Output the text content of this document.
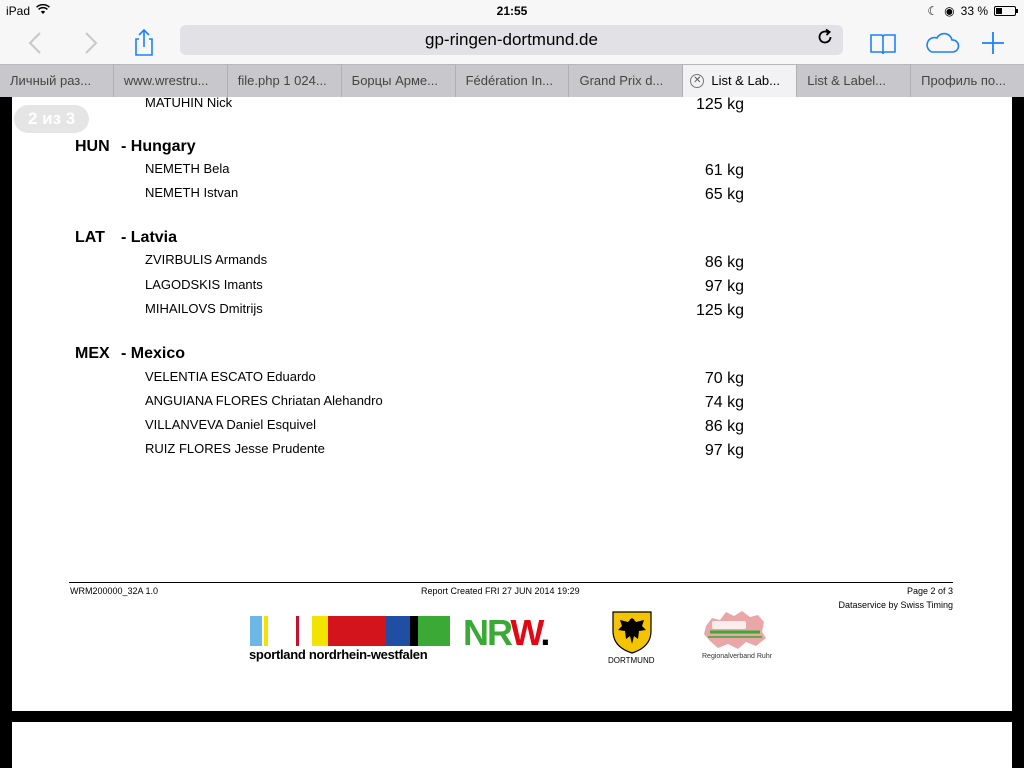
iPad	21:55	☾ ◉ 33 %
gp-ringen-dortmund.de
Личный раз...	www.wrestru...	file.php 1 024...	Борцы Арме...	Fédération In...	Grand Prix d...	✕ List & Lab...	List & Label...	Профиль по...
MATUHIN Nick	125 kg
2 из 3
HUN - Hungary
NEMETH Bela	61 kg
NEMETH Istvan	65 kg
LAT - Latvia
ZVIRBULIS Armands	86 kg
LAGODSKIS Imants	97 kg
MIHAILOVS Dmitrijs	125 kg
MEX - Mexico
VELENTIA ESCATO Eduardo	70 kg
ANGUIANA FLORES Chriatan Alehandro	74 kg
VILLANVEVA Daniel Esquivel	86 kg
RUIZ FLORES Jesse Prudente	97 kg
WRM200000_32A 1.0	Report Created FRI 27 JUN 2014 19:29	Page 2 of 3
Dataservice by Swiss Timing
sportland nordrhein-westfalen
NRW.
DORTMUND	Regionalverband Ruhr
